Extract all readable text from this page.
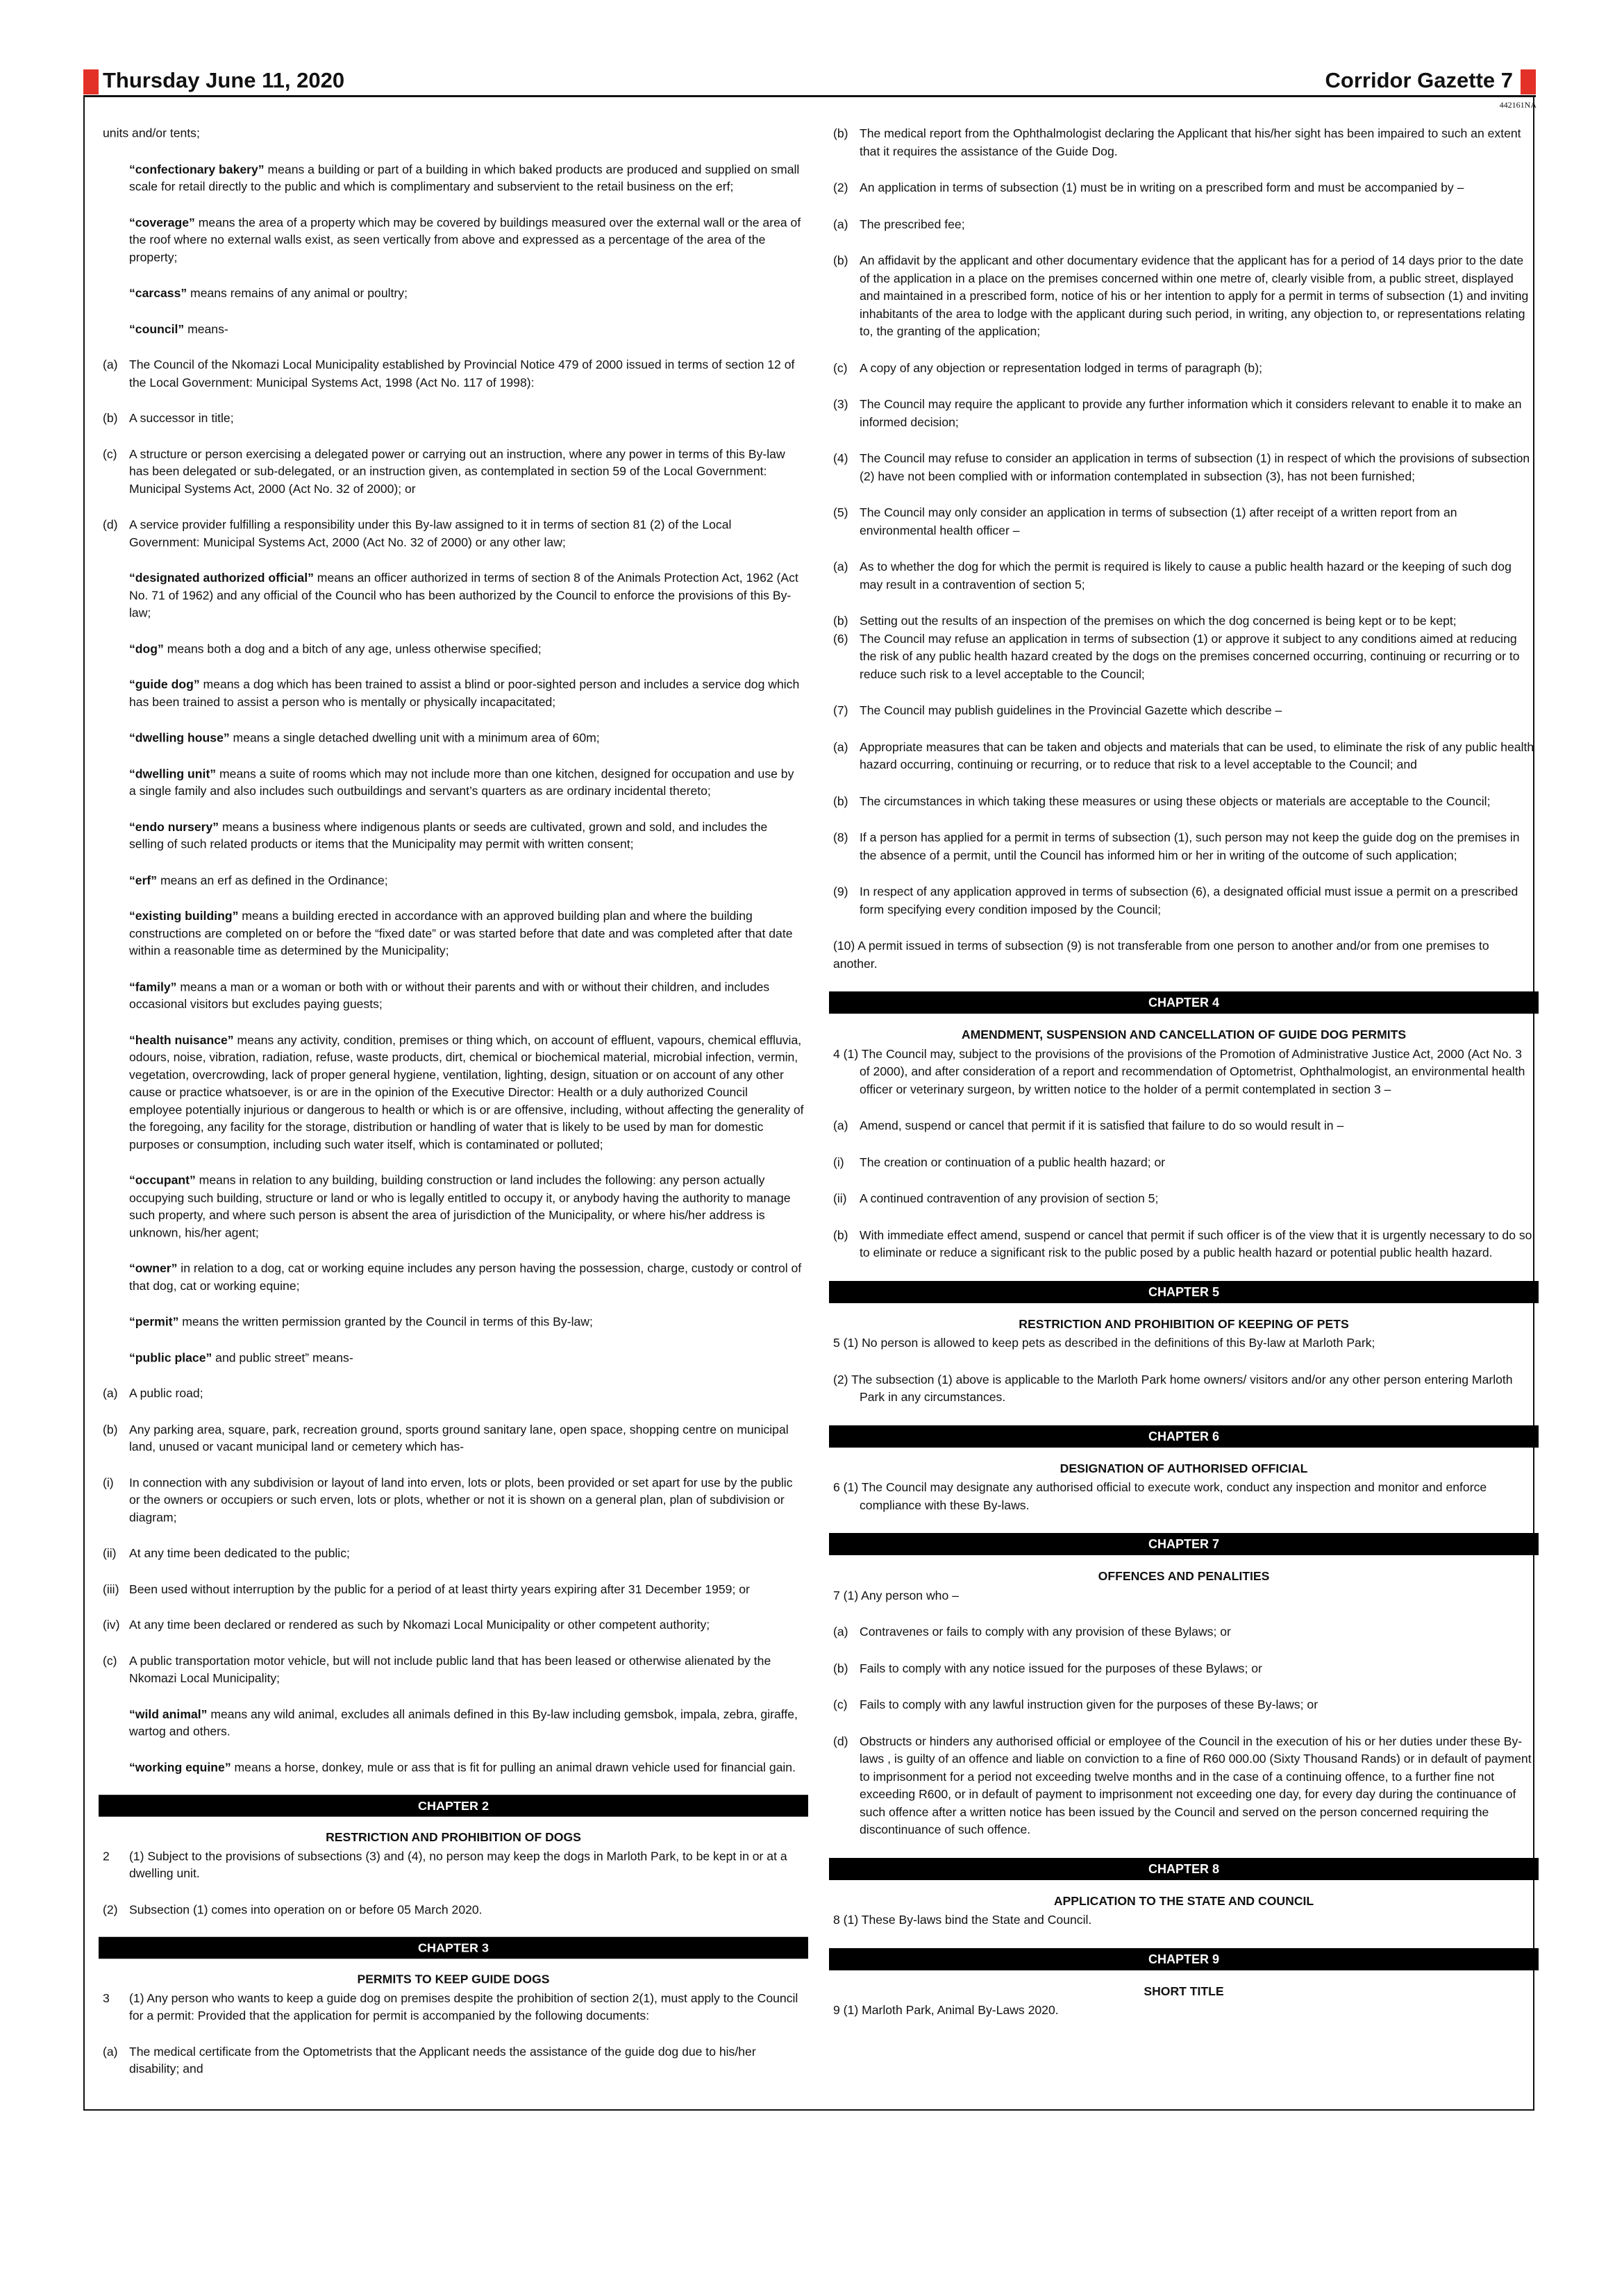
Thursday June 11, 2020	Corridor Gazette 7
442161NA

units and/or tents;

“confectionary bakery” means a building or part of a building in which baked products are produced and supplied on small scale for retail directly to the public and which is complimentary and subservient to the retail business on the erf;

“coverage” means the area of a property which may be covered by buildings measured over the external wall or the area of the roof where no external walls exist, as seen vertically from above and expressed as a percentage of the area of the property;

“carcass” means remains of any animal or poultry;

“council” means-

(a) The Council of the Nkomazi Local Municipality established by Provincial Notice 479 of 2000 issued in terms of section 12 of the Local Government: Municipal Systems Act, 1998 (Act No. 117 of 1998):
(b) A successor in title;
(c) A structure or person exercising a delegated power or carrying out an instruction, where any power in terms of this By-law has been delegated or sub-delegated, or an instruction given, as contemplated in section 59 of the Local Government: Municipal Systems Act, 2000 (Act No. 32 of 2000); or
(d) A service provider fulfilling a responsibility under this By-law assigned to it in terms of section 81 (2) of the Local Government: Municipal Systems Act, 2000 (Act No. 32 of 2000) or any other law;

“designated authorized official” means an officer authorized in terms of section 8 of the Animals Protection Act, 1962 (Act No. 71 of 1962) and any official of the Council who has been authorized by the Council to enforce the provisions of this By-law;

“dog” means both a dog and a bitch of any age, unless otherwise specified;

“guide dog” means a dog which has been trained to assist a blind or poor-sighted person and includes a service dog which has been trained to assist a person who is mentally or physically incapacitated;

“dwelling house” means a single detached dwelling unit with a minimum area of 60m;

“dwelling unit” means a suite of rooms which may not include more than one kitchen, designed for occupation and use by a single family and also includes such outbuildings and servant’s quarters as are ordinary incidental thereto;

“endo nursery” means a business where indigenous plants or seeds are cultivated, grown and sold, and includes the selling of such related products or items that the Municipality may permit with written consent;

“erf” means an erf as defined in the Ordinance;

“existing building” means a building erected in accordance with an approved building plan and where the building constructions are completed on or before the “fixed date” or was started before that date and was completed after that date within a reasonable time as determined by the Municipality;

“family” means a man or a woman or both with or without their parents and with or without their children, and includes occasional visitors but excludes paying guests;

“health nuisance” means any activity, condition, premises or thing which, on account of effluent, vapours, chemical effluvia, odours, noise, vibration, radiation, refuse, waste products, dirt, chemical or biochemical material, microbial infection, vermin, vegetation, overcrowding, lack of proper general hygiene, ventilation, lighting, design, situation or on account of any other cause or practice whatsoever, is or are in the opinion of the Executive Director: Health or a duly authorized Council employee potentially injurious or dangerous to health or which is or are offensive, including, without affecting the generality of the foregoing, any facility for the storage, distribution or handling of water that is likely to be used by man for domestic purposes or consumption, including such water itself, which is contaminated or polluted;

“occupant” means in relation to any building, building construction or land includes the following: any person actually occupying such building, structure or land or who is legally entitled to occupy it, or anybody having the authority to manage such property, and where such person is absent the area of jurisdiction of the Municipality, or where his/her address is unknown, his/her agent;

“owner” in relation to a dog, cat or working equine includes any person having the possession, charge, custody or control of that dog, cat or working equine;

“permit” means the written permission granted by the Council in terms of this By-law;

“public place” and public street” means-

(a) A public road;
(b) Any parking area, square, park, recreation ground, sports ground sanitary lane, open space, shopping centre on municipal land, unused or vacant municipal land or cemetery which has-
(i)	In connection with any subdivision or layout of land into erven, lots or plots, been provided or set apart for use by the public or the owners or occupiers or such erven, lots or plots, whether or not it is shown on a general plan, plan of subdivision or diagram;
(ii)	At any time been dedicated to the public;
(iii) Been used without interruption by the public for a period of at least thirty years expiring after 31 December 1959; or
(iv) At any time been declared or rendered as such by Nkomazi Local Municipality or other competent authority;
(c) A public transportation motor vehicle, but will not include public land that has been leased or otherwise alienated by the Nkomazi Local Municipality;

“wild animal” means any wild animal, excludes all animals defined in this By-law including gemsbok, impala, zebra, giraffe, wartog and others.

“working equine” means a horse, donkey, mule or ass that is fit for pulling an animal drawn vehicle used for financial gain.

CHAPTER 2

RESTRICTION AND PROHIBITION OF DOGS

2	(1) Subject to the provisions of subsections (3) and (4), no person may keep the dogs in Marloth Park, to be kept in or at a dwelling unit.
(2) Subsection (1) comes into operation on or before 05 March 2020.
CHAPTER 3

PERMITS TO KEEP GUIDE DOGS

3	(1) Any person who wants to keep a guide dog on premises despite the prohibition of section 2(1), must apply to the Council for a permit: Provided that the application for permit is accompanied by the following documents:
(a) The medical certificate from the Optometrists that the Applicant needs the assistance of the guide dog due to his/her disability; and
(b) The medical report from the Ophthalmologist declaring the Applicant that his/her sight has been impaired to such an extent that it requires the assistance of the Guide Dog.
(2) An application in terms of subsection (1) must be in writing on a prescribed form and must be accompanied by –
(a) The prescribed fee;
(b) An affidavit by the applicant and other documentary evidence that the applicant has for a period of 14 days prior to the date of the application in a place on the premises concerned within one metre of, clearly visible from, a public street, displayed and maintained in a prescribed form, notice of his or her intention to apply for a permit in terms of subsection (1) and inviting inhabitants of the area to lodge with the applicant during such period, in writing, any objection to, or representations relating to, the granting of the application;
(c) A copy of any objection or representation lodged in terms of paragraph (b);
(3) The Council may require the applicant to provide any further information which it considers relevant to enable it to make an informed decision;
(4) The Council may refuse to consider an application in terms of subsection (1) in respect of which the provisions of subsection (2) have not been complied with or information contemplated in subsection (3), has not been furnished;
(5) The Council may only consider an application in terms of subsection (1) after receipt of a written report from an environmental health officer –
(a) As to whether the dog for which the permit is required is likely to cause a public health hazard or the keeping of such dog may result in a contravention of section 5;
(b) Setting out the results of an inspection of the premises on which the dog concerned is being kept or to be kept;
(6) The Council may refuse an application in terms of subsection (1) or approve it subject to any conditions aimed at reducing the risk of any public health hazard created by the dogs on the premises concerned occurring, continuing or recurring or to reduce such risk to a level acceptable to the Council;
(7) The Council may publish guidelines in the Provincial Gazette which describe –
(a) Appropriate measures that can be taken and objects and materials that can be used, to eliminate the risk of any public health hazard occurring, continuing or recurring, or to reduce that risk to a level acceptable to the Council; and
(b) The circumstances in which taking these measures or using these objects or materials are acceptable to the Council;
(8) If a person has applied for a permit in terms of subsection (1), such person may not keep the guide dog on the premises in the absence of a permit, until the Council has informed him or her in writing of the outcome of such application;
(9) In respect of any application approved in terms of subsection (6), a designated official must issue a permit on a prescribed form specifying every condition imposed by the Council;

(10) A permit issued in terms of subsection (9) is not transferable from one person to another and/or from one premises to another.

CHAPTER 4

AMENDMENT, SUSPENSION AND CANCELLATION OF GUIDE DOG PERMITS

4 (1) The Council may, subject to the provisions of the provisions of the Promotion of Administrative Justice Act, 2000 (Act No. 3 of 2000), and after consideration of a report and recommendation of Optometrist, Ophthalmologist, an environmental health officer or veterinary surgeon, by written notice to the holder of a permit contemplated in section 3 –

(a) Amend, suspend or cancel that permit if it is satisfied that failure to do so would result in –
(i)	The creation or continuation of a public health hazard; or
(ii)	A continued contravention of any provision of section 5;
(b) With immediate effect amend, suspend or cancel that permit if such officer is of the view that it is urgently necessary to do so to eliminate or reduce a significant risk to the public posed by a public health hazard or potential public health hazard.
CHAPTER 5

RESTRICTION AND PROHIBITION OF KEEPING OF PETS

5 (1) No person is allowed to keep pets as described in the definitions of this By-law at Marloth Park;

(2) The subsection (1) above is applicable to the Marloth Park home owners/ visitors and/or any other person entering Marloth Park in any circumstances.

CHAPTER 6

DESIGNATION OF AUTHORISED OFFICIAL

6 (1) The Council may designate any authorised official to execute work, conduct any inspection and monitor and enforce compliance with these By-laws.

CHAPTER 7

OFFENCES AND PENALITIES

7 (1) Any person who –

(a) Contravenes or fails to comply with any provision of these Bylaws; or
(b) Fails to comply with any notice issued for the purposes of these Bylaws; or
(c) Fails to comply with any lawful instruction given for the purposes of these By-laws; or
(d) Obstructs or hinders any authorised official or employee of the Council in the execution of his or her duties under these By-laws , is guilty of an offence and liable on conviction to a fine of R60 000.00 (Sixty Thousand Rands) or in default of payment to imprisonment for a period not exceeding twelve months and in the case of a continuing offence, to a further fine not exceeding R600, or in default of payment to imprisonment not exceeding one day, for every day during the continuance of such offence after a written notice has been issued by the Council and served on the person concerned requiring the discontinuance of such offence.
CHAPTER 8

APPLICATION TO THE STATE AND COUNCIL

8 (1) These By-laws bind the State and Council.

CHAPTER 9

SHORT TITLE

9 (1) Marloth Park, Animal By-Laws 2020.
